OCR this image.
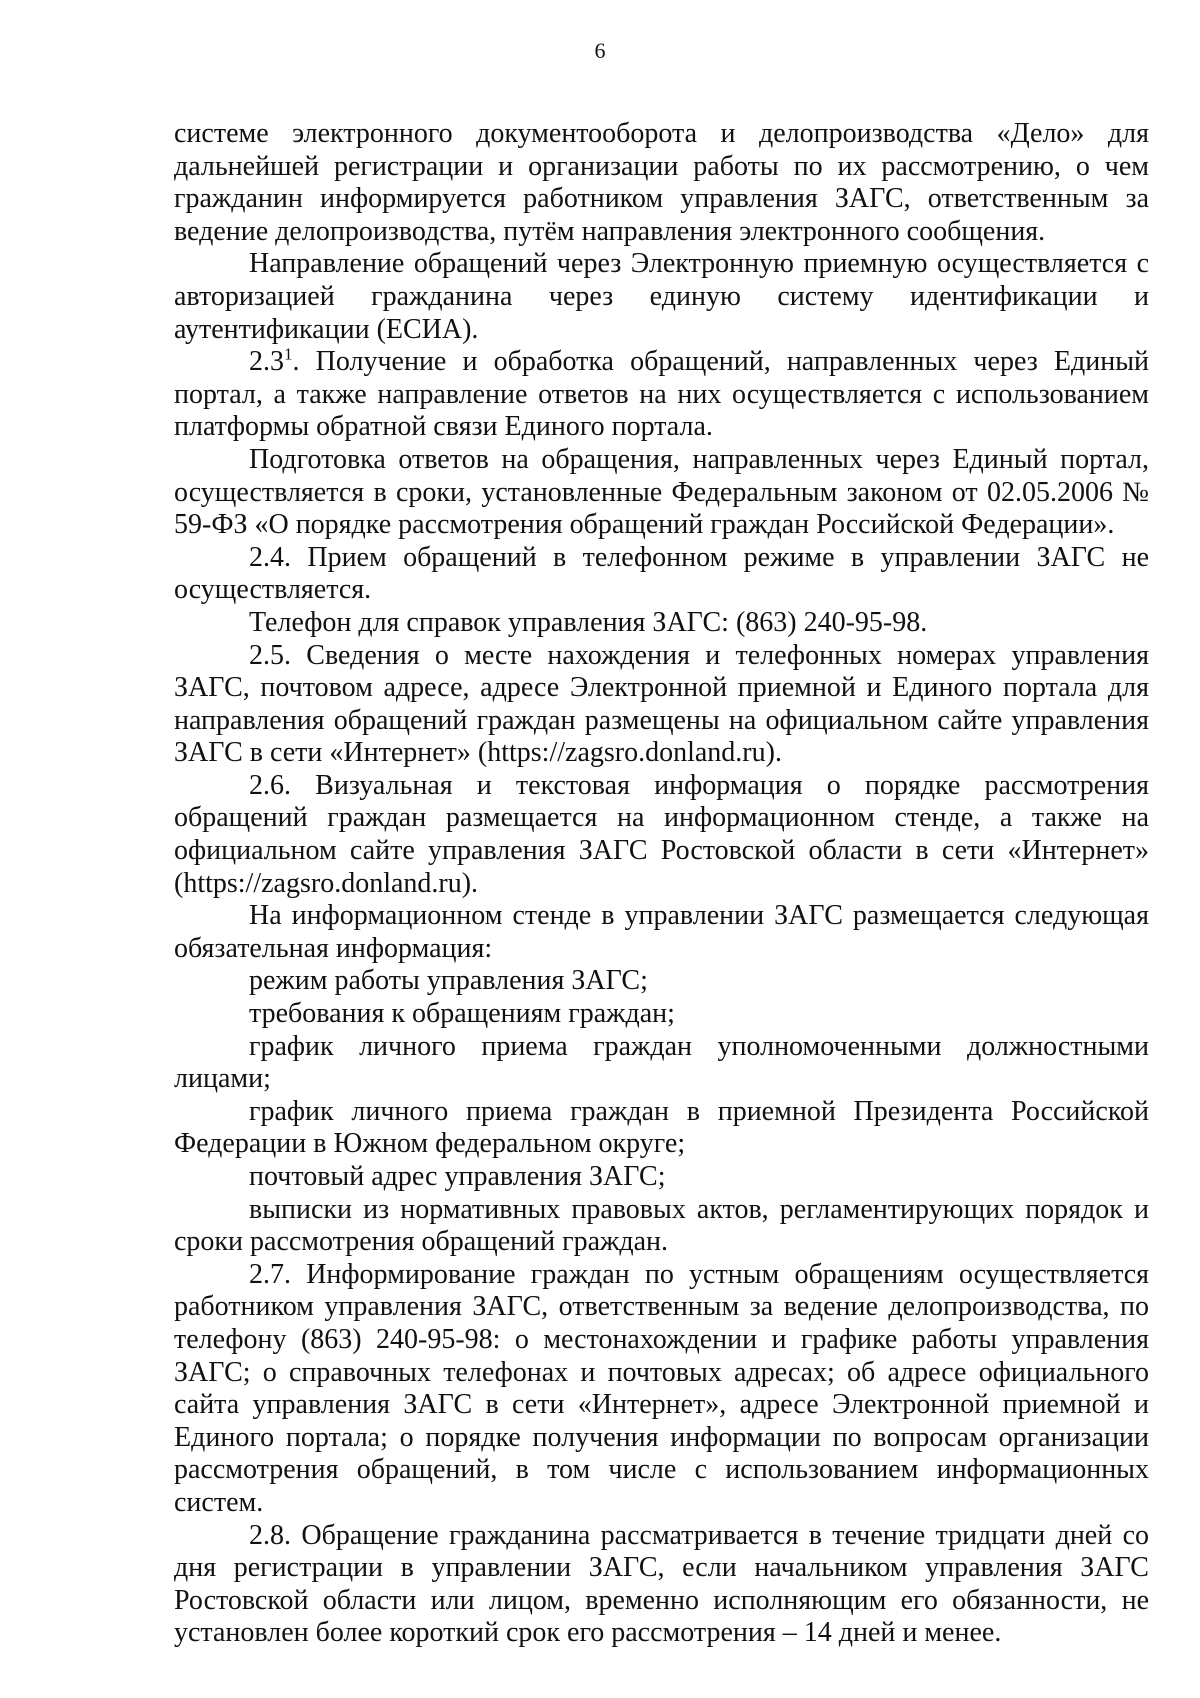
6

системе электронного документооборота и делопроизводства «Дело» для дальнейшей регистрации и организации работы по их рассмотрению, о чем гражданин информируется работником управления ЗАГС, ответственным за ведение делопроизводства, путём направления электронного сообщения.

Направление обращений через Электронную приемную осуществляется с авторизацией гражданина через единую систему идентификации и аутентификации (ЕСИА).

$2.3^1$. Получение и обработка обращений, направленных через Единый портал, а также направление ответов на них осуществляется с использованием платформы обратной связи Единого портала.

Подготовка ответов на обращения, направленных через Единый портал, осуществляется в сроки, установленные Федеральным законом от 02.05.2006 № 59-ФЗ «О порядке рассмотрения обращений граждан Российской Федерации».

2.4. Прием обращений в телефонном режиме в управлении ЗАГС не осуществляется.

Телефон для справок управления ЗАГС: (863) 240-95-98.

2.5. Сведения о месте нахождения и телефонных номерах управления ЗАГС, почтовом адресе, адресе Электронной приемной и Единого портала для направления обращений граждан размещены на официальном сайте управления ЗАГС в сети «Интернет» (https://zagsro.donland.ru).

2.6. Визуальная и текстовая информация о порядке рассмотрения обращений граждан размещается на информационном стенде, а также на официальном сайте управления ЗАГС Ростовской области в сети «Интернет» (https://zagsro.donland.ru).

На информационном стенде в управлении ЗАГС размещается следующая обязательная информация:

режим работы управления ЗАГС;

требования к обращениям граждан;

график личного приема граждан уполномоченными должностными лицами;

график личного приема граждан в приемной Президента Российской Федерации в Южном федеральном округе;

почтовый адрес управления ЗАГС;

выписки из нормативных правовых актов, регламентирующих порядок и сроки рассмотрения обращений граждан.

2.7. Информирование граждан по устным обращениям осуществляется работником управления ЗАГС, ответственным за ведение делопроизводства, по телефону (863) 240-95-98: о местонахождении и графике работы управления ЗАГС; о справочных телефонах и почтовых адресах; об адресе официального сайта управления ЗАГС в сети «Интернет», адресе Электронной приемной и Единого портала; о порядке получения информации по вопросам организации рассмотрения обращений, в том числе с использованием информационных систем.

2.8. Обращение гражданина рассматривается в течение тридцати дней со дня регистрации в управлении ЗАГС, если начальником управления ЗАГС Ростовской области или лицом, временно исполняющим его обязанности, не установлен более короткий срок его рассмотрения – 14 дней и менее.
